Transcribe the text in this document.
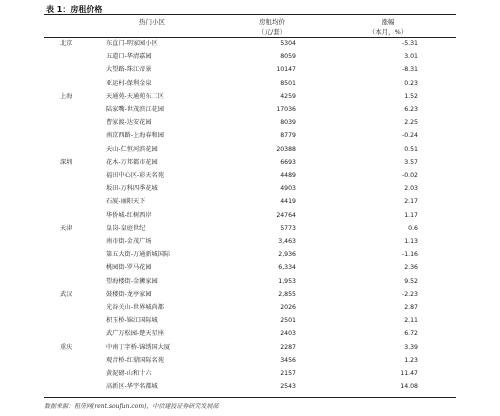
表 1：房租价格
热门小区	房租均价
（元/套）
涨幅
（本月，%）
北京	东直门-明家园小区	5304	-5.31
五道口-华清嘉园	8059	3.01
大望路-珠江帝景	10147	-8.31
亚运村-保利金泉	8501	0.23
上海	天通苑-天通苑东二区	4259	1.52
陆家嘴-世茂滨江花园	17036	6.23
曹家渡-达安花园	8039	2.25
南京西路-上海春和园	8779	-0.24
天山-仁恒河滨花园	20388	0.51
深圳	花木-万邦都市花园	6693	3.57
福田中心区-彩天名苑	4489	-0.02
坂田-万科四季花城	4903	2.03
石厦-丽阳天下	4419	2.17
华侨城-红树西岸	24764	1.17
天津	皇岗-皇庭世纪	5773	0.6
南市街-金茂广场	3,463	1.13
第五大街-万通新城国际	2,936	-1.16
桃园街-罗马花园	6,334	2.36
望海楼街-金狮家园	1,953	9.52
武汉	鼓楼街-龙亭家园	2,855	-2.23
光谷关山-世界城尚都	2026	2.87
积玉桥-锦江国际城	2501	2.11
武广万松园-楚天星座	2403	6.72
重庆	中南丁字桥-锦绣国大厦	2287	3.39
观音桥-红鼎国际名苑	3456	1.23
黄泥磅-山和十六	2157	11.47
高新区-华宇名都城	2543	14.08
数据来源：租房网(rent.soufun.com)，中信建投证券研究发展部
